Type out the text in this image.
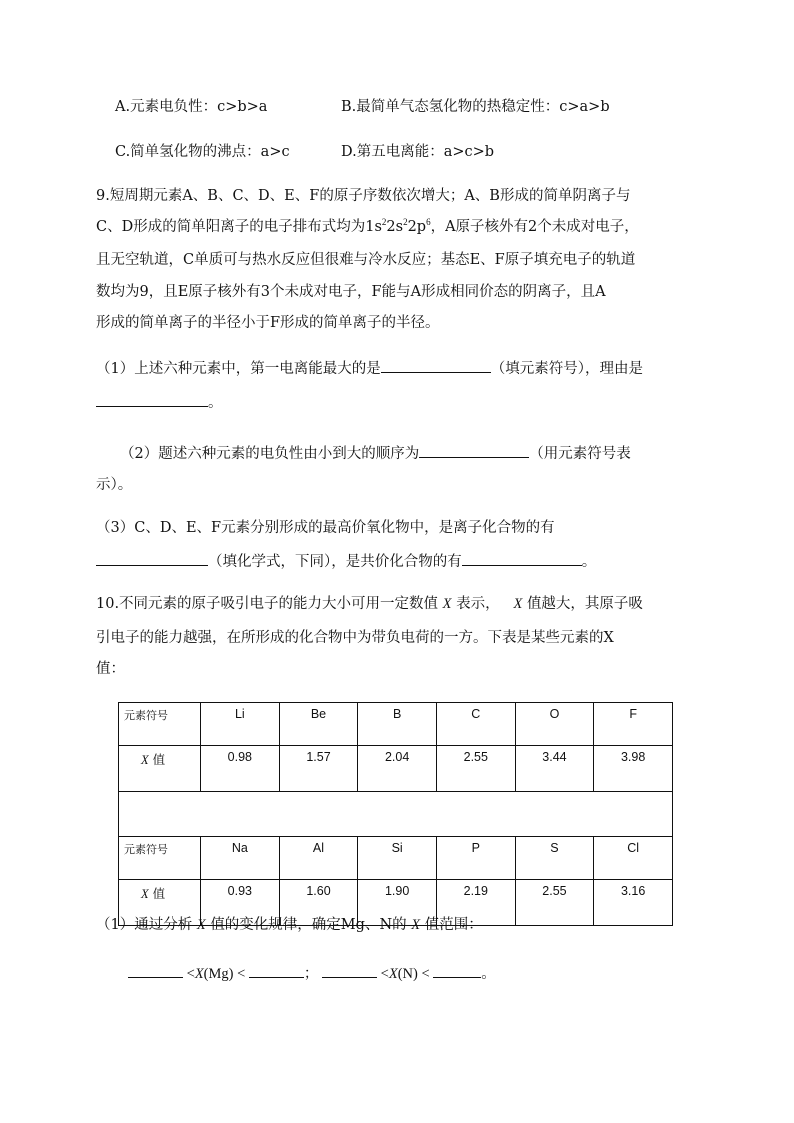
A.元素电负性：c>b>a	B.最简单气态氢化物的热稳定性：c>a>b
C.简单氢化物的沸点：a>c	D.第五电离能：a>c>b
9.短周期元素A、B、C、D、E、F的原子序数依次增大；A、B形成的简单阴离子与
C、D形成的简单阳离子的电子排布式均为$1s^22s^22p^6$，A原子核外有2个未成对电子，
且无空轨道，C单质可与热水反应但很难与冷水反应；基态E、F原子填充电子的轨道
数均为9，且E原子核外有3个未成对电子，F能与A形成相同价态的阴离子，且A
形成的简单离子的半径小于F形成的简单离子的半径。
（1）上述六种元素中，第一电离能最大的是	（填元素符号），理由是
。
（2）题述六种元素的电负性由小到大的顺序为	（用元素符号表
示）。
（3）C、D、E、F元素分别形成的最高价氧化物中，是离子化合物的有
（填化学式，下同），是共价化合物的有	。
10.不同元素的原子吸引电子的能力大小可用一定数值 X 表示， X 值越大，其原子吸
引电子的能力越强，在所形成的化合物中为带负电荷的一方。下表是某些元素的X
值：
元素符号	Li	Be	B	C	O	F
X 值	0.98	1.57	2.04	2.55	3.44	3.98

元素符号	Na	Al	Si	P	S	Cl
X 值	0.93	1.60	1.90	2.19	2.55	3.16
（1）通过分析 X 值的变化规律，确定Mg、N的 X 值范围：
<X(Mg) <	；	<X(N) <	。
